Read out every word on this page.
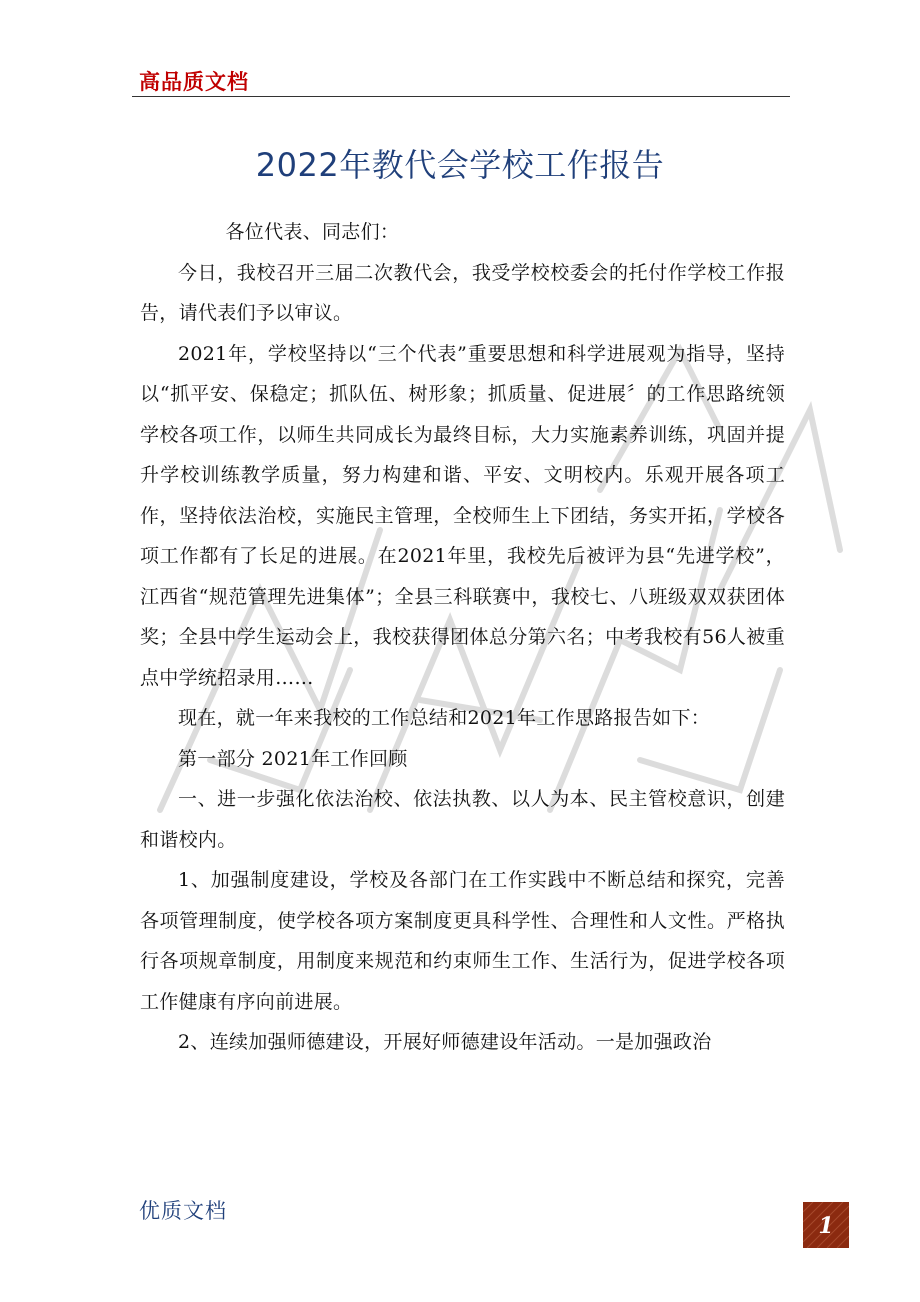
高品质文档
2022年教代会学校工作报告

各位代表、同志们：

今日，我校召开三届二次教代会，我受学校校委会的托付作学校工作报告，请代表们予以审议。

2021年，学校坚持以“三个代表”重要思想和科学进展观为指导，坚持以“抓平安、保稳定；抓队伍、树形象；抓质量、促进展〞的工作思路统领学校各项工作，以师生共同成长为最终目标，大力实施素养训练，巩固并提升学校训练教学质量，努力构建和谐、平安、文明校内。乐观开展各项工作，坚持依法治校，实施民主管理，全校师生上下团结，务实开拓，学校各项工作都有了长足的进展。在2021年里，我校先后被评为县“先进学校”，江西省“规范管理先进集体”；全县三科联赛中，我校七、八班级双双获团体奖；全县中学生运动会上，我校获得团体总分第六名；中考我校有56人被重点中学统招录用……

现在，就一年来我校的工作总结和2021年工作思路报告如下：

第一部分 2021年工作回顾

一、进一步强化依法治校、依法执教、以人为本、民主管校意识，创建和谐校内。

1、加强制度建设，学校及各部门在工作实践中不断总结和探究，完善各项管理制度，使学校各项方案制度更具科学性、合理性和人文性。严格执行各项规章制度，用制度来规范和约束师生工作、生活行为，促进学校各项工作健康有序向前进展。

2、连续加强师德建设，开展好师德建设年活动。一是加强政治

优质文档
1
